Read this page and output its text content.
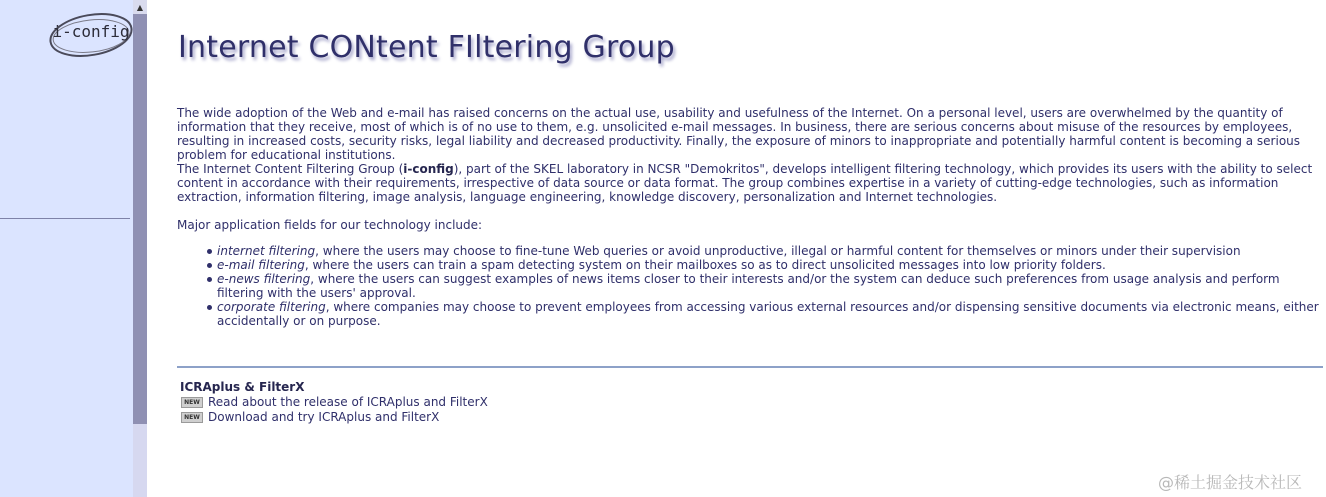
i-config
▲
Internet CONtent FIltering Group

The wide adoption of the Web and e-mail has raised concerns on the actual use, usability and usefulness of the Internet. On a personal level, users are overwhelmed by the quantity of information that they receive, most of which is of no use to them, e.g. unsolicited e-mail messages. In business, there are serious concerns about misuse of the resources by employees, resulting in increased costs, security risks, legal liability and decreased productivity. Finally, the exposure of minors to inappropriate and potentially harmful content is becoming a serious problem for educational institutions.

The Internet Content Filtering Group (i-config), part of the SKEL laboratory in NCSR "Demokritos", develops intelligent filtering technology, which provides its users with the ability to select content in accordance with their requirements, irrespective of data source or data format. The group combines expertise in a variety of cutting-edge technologies, such as information extraction, information filtering, image analysis, language engineering, knowledge discovery, personalization and Internet technologies.

Major application fields for our technology include:

internet filtering, where the users may choose to fine-tune Web queries or avoid unproductive, illegal or harmful content for themselves or minors under their supervision
e-mail filtering, where the users can train a spam detecting system on their mailboxes so as to direct unsolicited messages into low priority folders.
e-news filtering, where the users can suggest examples of news items closer to their interests and/or the system can deduce such preferences from usage analysis and perform filtering with the users' approval.
corporate filtering, where companies may choose to prevent employees from accessing various external resources and/or dispensing sensitive documents via electronic means, either accidentally or on purpose.
ICRAplus & FilterX
NEW Read about the release of ICRAplus and FilterX
NEW Download and try ICRAplus and FilterX
@稀土掘金技术社区
